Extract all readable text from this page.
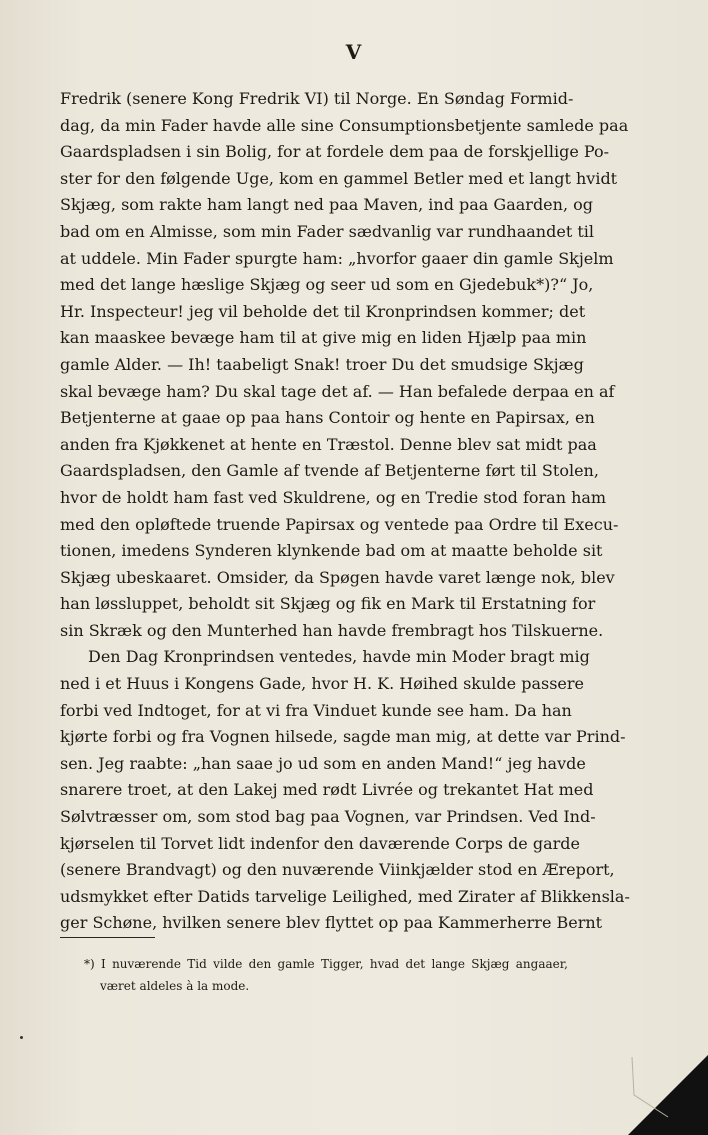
V
Fredrik (senere Kong Fredrik VI) til Norge. En Søndag Formid-
dag, da min Fader havde alle sine Consumptionsbetjente samlede paa
Gaardspladsen i sin Bolig, for at fordele dem paa de forskjellige Po-
ster for den følgende Uge, kom en gammel Betler med et langt hvidt
Skjæg, som rakte ham langt ned paa Maven, ind paa Gaarden, og
bad om en Almisse, som min Fader sædvanlig var rundhaandet til
at uddele. Min Fader spurgte ham: „hvorfor gaaer din gamle Skjelm
med det lange hæslige Skjæg og seer ud som en Gjedebuk*)?“ Jo,
Hr. Inspecteur! jeg vil beholde det til Kronprindsen kommer; det
kan maaskee bevæge ham til at give mig en liden Hjælp paa min
gamle Alder. — Ih! taabeligt Snak! troer Du det smudsige Skjæg
skal bevæge ham? Du skal tage det af. — Han befalede derpaa en af
Betjenterne at gaae op paa hans Contoir og hente en Papirsax, en
anden fra Kjøkkenet at hente en Træstol. Denne blev sat midt paa
Gaardspladsen, den Gamle af tvende af Betjenterne ført til Stolen,
hvor de holdt ham fast ved Skuldrene, og en Tredie stod foran ham
med den opløftede truende Papirsax og ventede paa Ordre til Execu-
tionen, imedens Synderen klynkende bad om at maatte beholde sit
Skjæg ubeskaaret. Omsider, da Spøgen havde varet længe nok, blev
han løssluppet, beholdt sit Skjæg og fik en Mark til Erstatning for
sin Skræk og den Munterhed han havde frembragt hos Tilskuerne.
Den Dag Kronprindsen ventedes, havde min Moder bragt mig
ned i et Huus i Kongens Gade, hvor H. K. Høihed skulde passere
forbi ved Indtoget, for at vi fra Vinduet kunde see ham. Da han
kjørte forbi og fra Vognen hilsede, sagde man mig, at dette var Prind-
sen. Jeg raabte: „han saae jo ud som en anden Mand!“ jeg havde
snarere troet, at den Lakej med rødt Livrée og trekantet Hat med
Sølvtræsser om, som stod bag paa Vognen, var Prindsen. Ved Ind-
kjørselen til Torvet lidt indenfor den daværende Corps de garde
(senere Brandvagt) og den nuværende Viinkjælder stod en Æreport,
udsmykket efter Datids tarvelige Leilighed, med Zirater af Blikkensla-
ger Schøne, hvilken senere blev flyttet op paa Kammerherre Bernt
*) I nuværende Tid vilde den gamle Tigger, hvad det lange Skjæg angaaer,
været aldeles à la mode.
